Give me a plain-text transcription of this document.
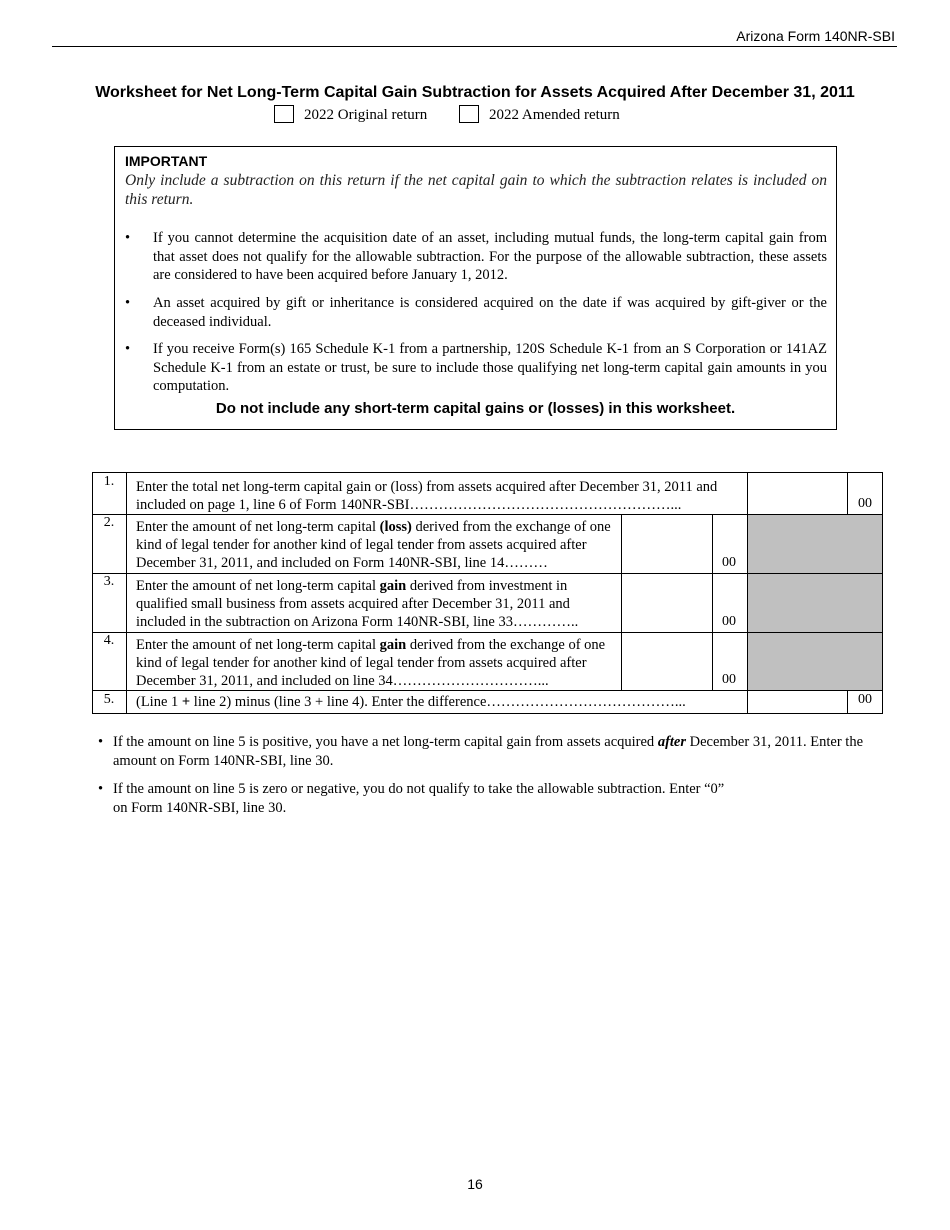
Arizona Form 140NR-SBI
Worksheet for Net Long-Term Capital Gain Subtraction for Assets Acquired After December 31, 2011
2022 Original return	2022 Amended return
IMPORTANT
Only include a subtraction on this return if the net capital gain to which the subtraction relates is included on this return.
• If you cannot determine the acquisition date of an asset, including mutual funds, the long-term capital gain from that asset does not qualify for the allowable subtraction. For the purpose of the allowable subtraction, these assets are considered to have been acquired before January 1, 2012.
• An asset acquired by gift or inheritance is considered acquired on the date if was acquired by gift-giver or the deceased individual.
• If you receive Form(s) 165 Schedule K-1 from a partnership, 120S Schedule K-1 from an S Corporation or 141AZ Schedule K-1 from an estate or trust, be sure to include those qualifying net long-term capital gain amounts in you computation.
Do not include any short-term capital gains or (losses) in this worksheet.
1.	Enter the total net long-term capital gain or (loss) from assets acquired after December 31, 2011 and included on page 1, line 6 of Form 140NR-SBI………………………………………………...	00
2.	Enter the amount of net long-term capital (loss) derived from the exchange of one kind of legal tender for another kind of legal tender from assets acquired after December 31, 2011, and included on Form 140NR-SBI, line 14………	00
3.	Enter the amount of net long-term capital gain derived from investment in qualified small business from assets acquired after December 31, 2011 and included in the subtraction on Arizona Form 140NR-SBI, line 33…………..	00
4.	Enter the amount of net long-term capital gain derived from the exchange of one kind of legal tender for another kind of legal tender from assets acquired after December 31, 2011, and included on line 34…………………………...	00
5.	(Line 1 + line 2) minus (line 3 + line 4). Enter the difference…………………………………...	00
• If the amount on line 5 is positive, you have a net long-term capital gain from assets acquired after December 31, 2011. Enter the amount on Form 140NR-SBI, line 30.
• If the amount on line 5 is zero or negative, you do not qualify to take the allowable subtraction. Enter “0” on Form 140NR-SBI, line 30.
16
